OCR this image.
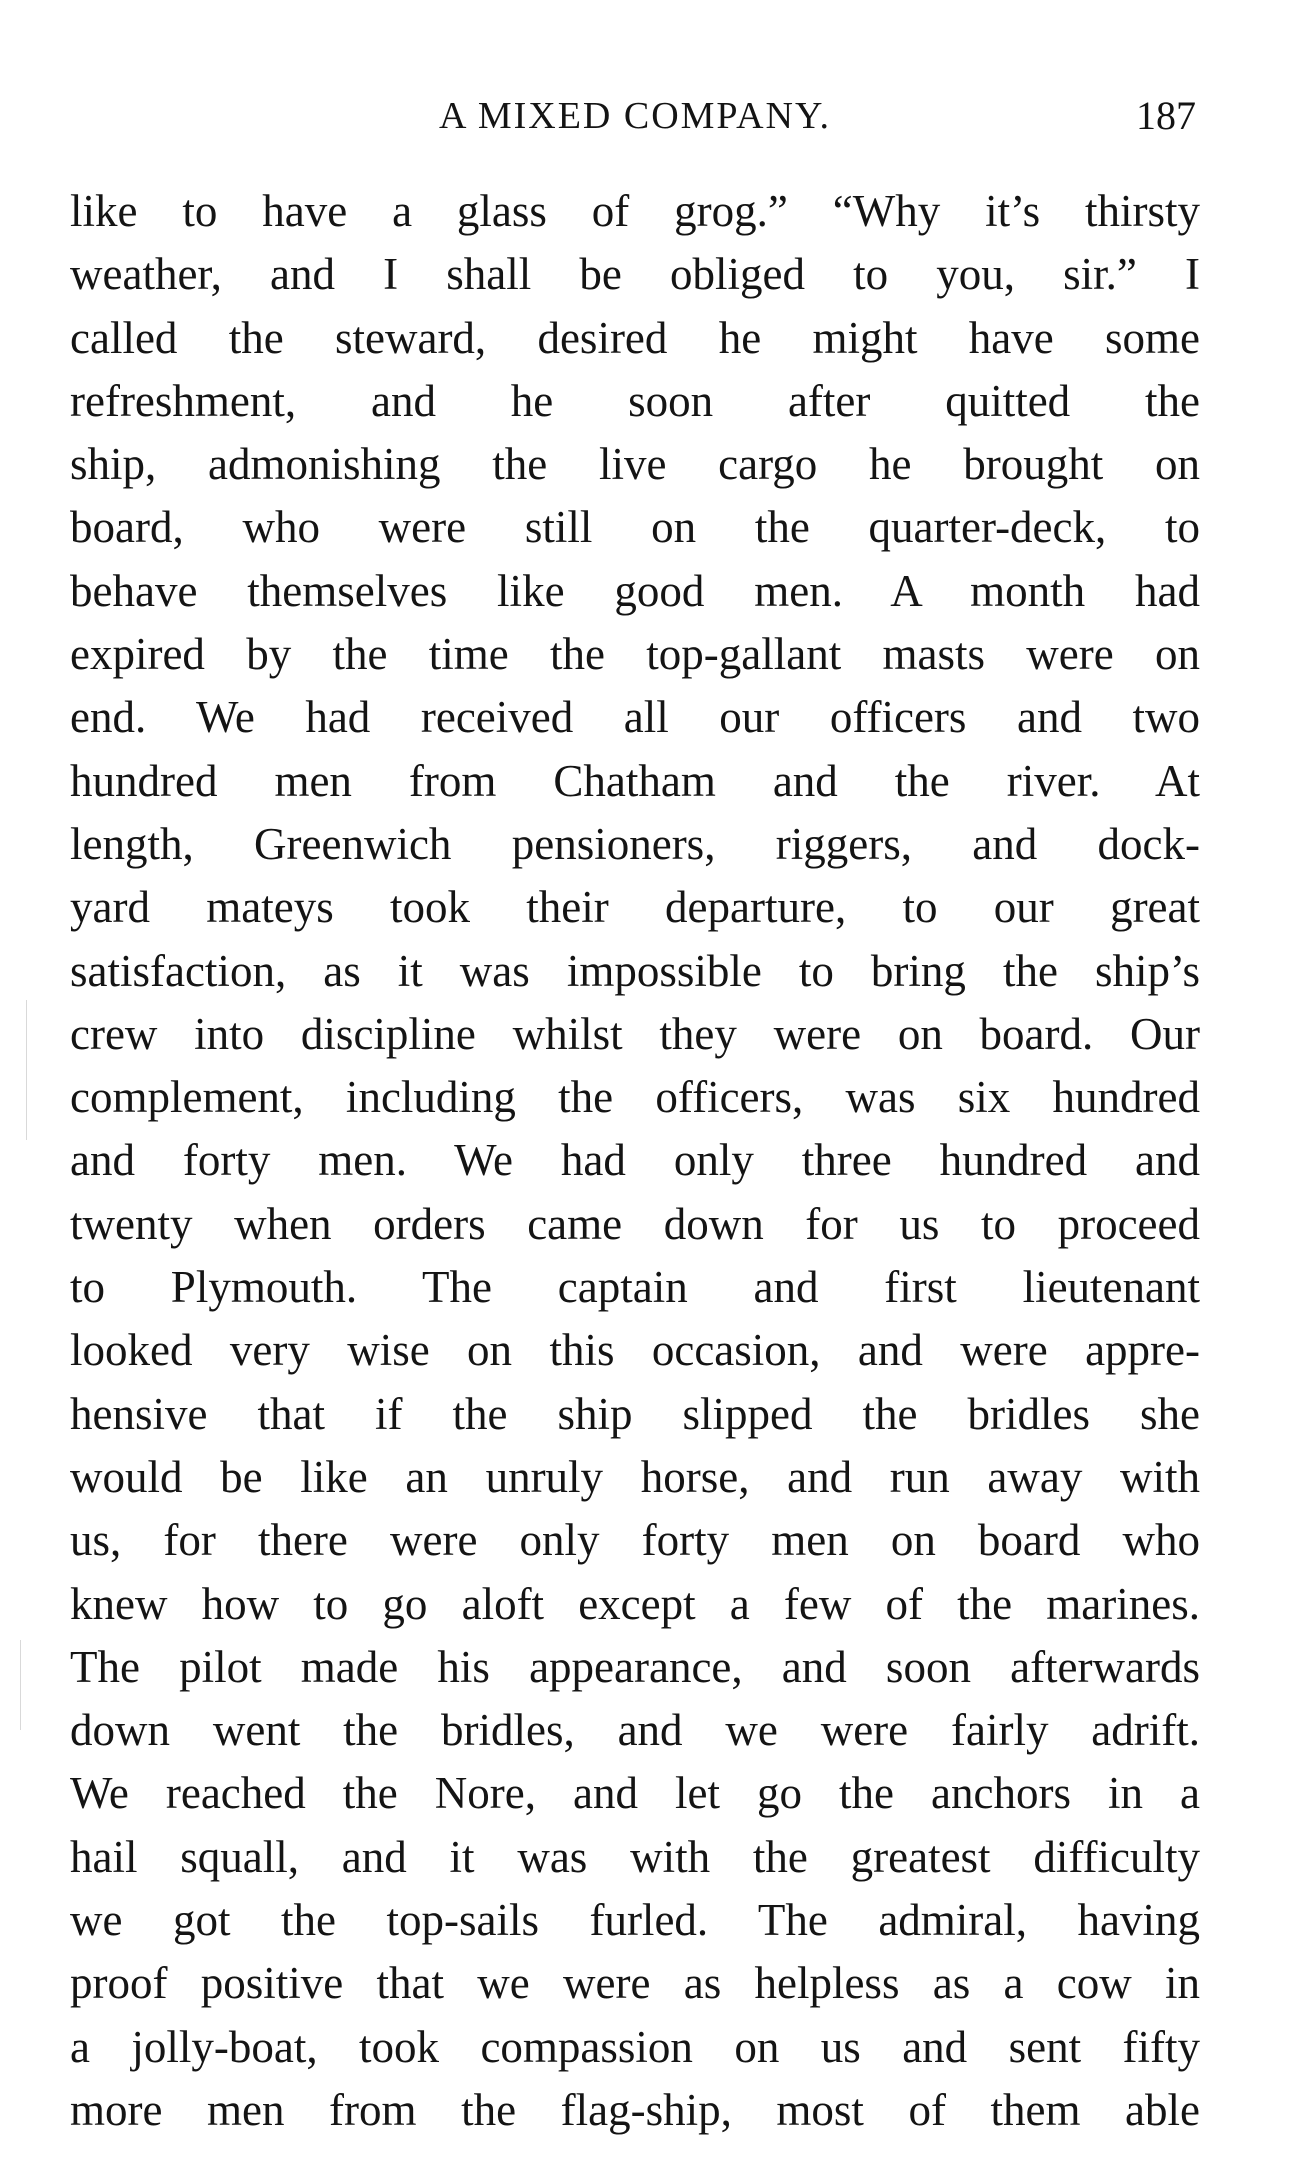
A MIXED COMPANY.	187
like to have a glass of grog.” “Why it’s thirsty
weather, and I shall be obliged to you, sir.” I
called the steward, desired he might have some
refreshment, and he soon after quitted the
ship, admonishing the live cargo he brought on
board, who were still on the quarter-deck, to
behave themselves like good men. A month had
expired by the time the top-gallant masts were on
end. We had received all our officers and two
hundred men from Chatham and the river. At
length, Greenwich pensioners, riggers, and dock-
yard mateys took their departure, to our great
satisfaction, as it was impossible to bring the ship’s
crew into discipline whilst they were on board. Our
complement, including the officers, was six hundred
and forty men. We had only three hundred and
twenty when orders came down for us to proceed
to Plymouth. The captain and first lieutenant
looked very wise on this occasion, and were appre-
hensive that if the ship slipped the bridles she
would be like an unruly horse, and run away with
us, for there were only forty men on board who
knew how to go aloft except a few of the marines.
The pilot made his appearance, and soon afterwards
down went the bridles, and we were fairly adrift.
We reached the Nore, and let go the anchors in a
hail squall, and it was with the greatest difficulty
we got the top-sails furled. The admiral, having
proof positive that we were as helpless as a cow in
a jolly-boat, took compassion on us and sent fifty
more men from the flag-ship, most of them able
